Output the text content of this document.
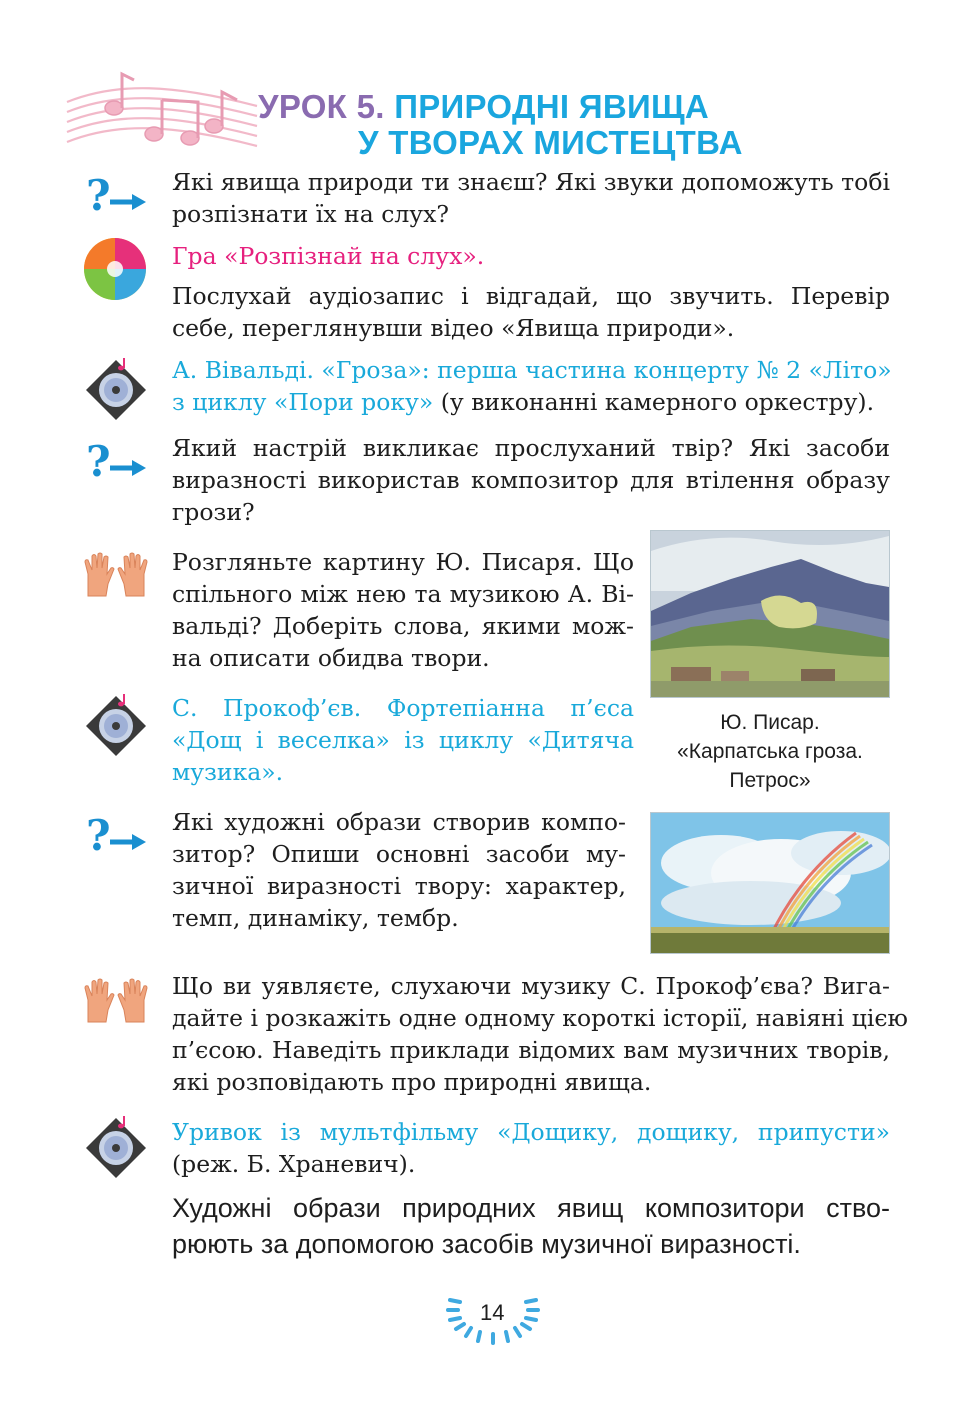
УРОК 5. ПРИРОДНІ ЯВИЩА
У ТВОРАХ МИСТЕЦТВА
?	Які явища природи ти знаєш? Які звуки допоможуть тобі
розпізнати їх на слух?
Гра «Розпізнай на слух».
Послухай аудіозапис і відгадай, що звучить. Перевір
себе, переглянувши відео «Явища природи».
А. Вівальді. «Гроза»: перша частина концерту № 2 «Літо»
з циклу «Пори року» (у виконанні камерного оркестру).
?	Який настрій викликає прослуханий твір? Які засоби
виразності використав композитор для втілення образу
грози?
Розгляньте картину Ю. Писаря. Що
спільного між нею та музикою А. Ві-
вальді? Доберіть слова, якими мож-
на описати обидва твори.
Ю. Писар.
«Карпатська гроза.
Петрос»
С. Прокоф’єв. Фортепіанна п’єса
«Дощ і веселка» із циклу «Дитяча
музика».
?	Які художні образи створив компо-
зитор? Опиши основні засоби му-
зичної виразності твору: характер,
темп, динаміку, тембр.
Що ви уявляєте, слухаючи музику С. Прокоф’єва? Вига-
дайте і розкажіть одне одному короткі історії, навіяні цією
п’єсою. Наведіть приклади відомих вам музичних творів,
які розповідають про природні явища.
Уривок із мультфільму «Дощику, дощику, припусти»
(реж. Б. Храневич).
Художні образи природних явищ композитори ство-
рюють за допомогою засобів музичної виразності.
14
